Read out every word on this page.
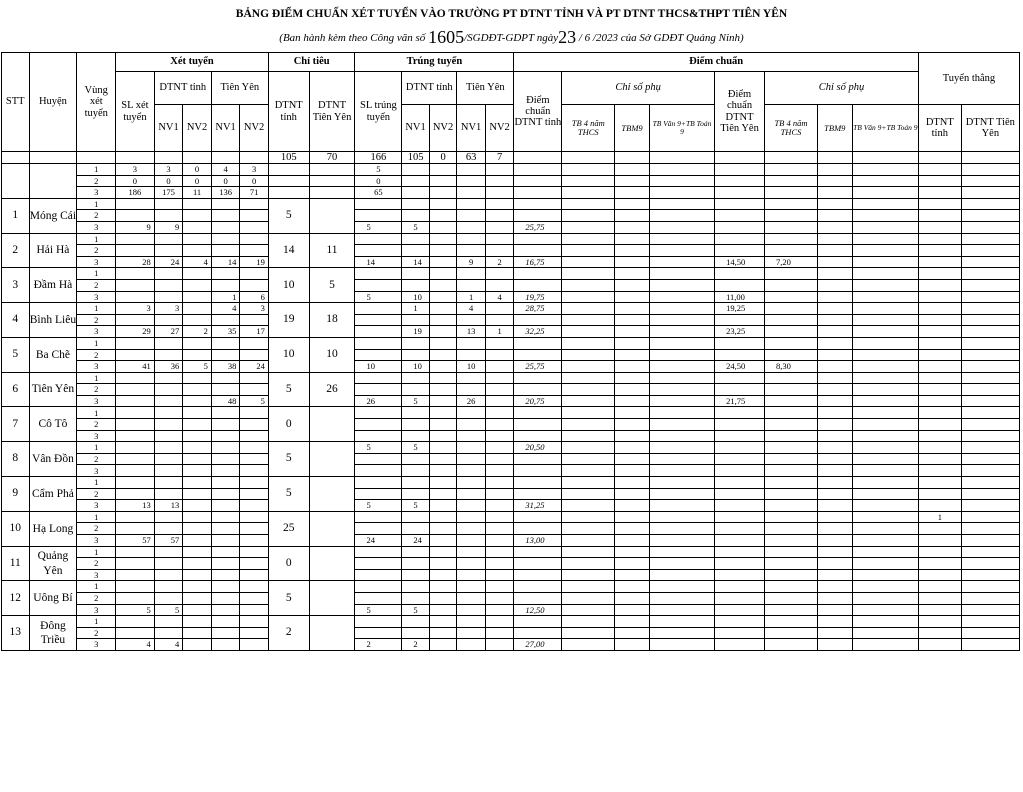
BẢNG ĐIỂM CHUẨN XÉT TUYỂN VÀO TRƯỜNG PT DTNT TỈNH VÀ PT DTNT THCS&THPT TIÊN YÊN
(Ban hành kèm theo Công văn số 1605/SGDĐT-GDPT ngày23 / 6 /2023 của Sở GDĐT Quảng Ninh)
STT	Huyện	Vùng xét tuyển	Xét tuyển					Chỉ tiêu		Trúng tuyển					Điểm chuẩn								Tuyển thẳng	
			SL xét tuyển	DTNT tỉnh		Tiên Yên		DTNT tỉnh	DTNT Tiên Yên	SL trúng tuyển	DTNT tỉnh		Tiên Yên		Điểm chuẩn DTNT tỉnh	Chỉ số phụ			Điểm chuẩn DTNT Tiên Yên	Chỉ số phụ				
				NV1	NV2	NV1	NV2				NV1	NV2	NV1	NV2		TB 4 năm THCS	TBM9	TB Văn 9+TB Toán 9		TB 4 năm THCS	TBM9	TB Văn 9+TB Toán 9	DTNT tỉnh	DTNT Tiên Yên
								105	70	166	105	0	63	7										
		1	3	3	0	4	3			5														
		2	0	0	0	0	0			0														
		3	186	175	11	136	71			65														
1	Móng Cái	1						5																
		2																						
		3	9	9						5	5				25,75									
2	Hải Hà	1						14	11															
		2																						
		3	28	24	4	14	19			14	14		9	2	16,75				14,50	7,20				
3	Đầm Hà	1						10	5															
		2																						
		3				1	6			5	10		1	4	19,75				11,00					
4	Bình Liêu	1	3	3		4	3	19	18		1		4		28,75				19,25					
		2																						
		3	29	27	2	35	17				19		13	1	32,25				23,25					
5	Ba Chẽ	1						10	10															
		2																						
		3	41	36	5	38	24			10	10		10		25,75				24,50	8,30				
6	Tiên Yên	1						5	26															
		2																						
		3				48	5			26	5		26		20,75				21,75					
7	Cô Tô	1						0																
		2																						
		3																						
8	Vân Đồn	1						5		5	5				20,50									
		2																						
		3																						
9	Cẩm Phả	1						5																
		2																						
		3	13	13						5	5				31,25									
10	Hạ Long	1						25															1	
		2																						
		3	57	57						24	24				13,00									
11	Quảng Yên	1						0																
		2																						
		3																						
12	Uông Bí	1						5																
		2																						
		3	5	5						5	5				12,50									
13	Đông Triều	1						2																
		2																						
		3	4	4						2	2				27,00									
